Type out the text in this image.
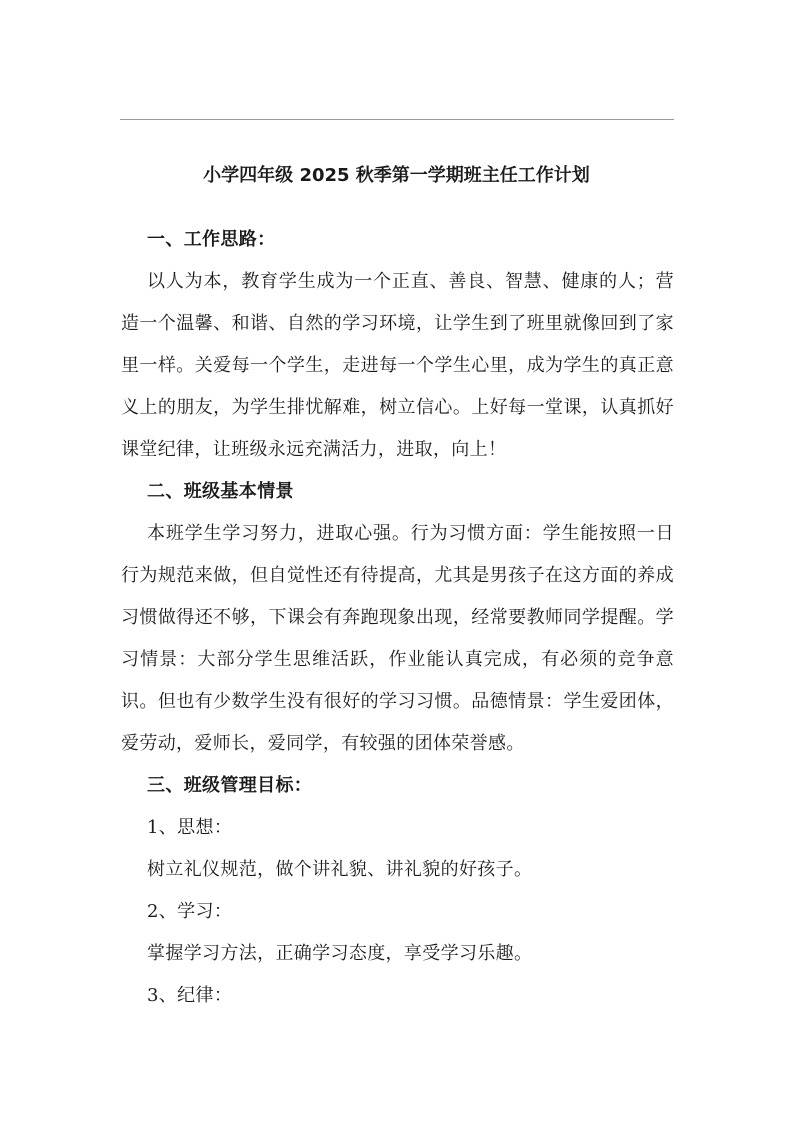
小学四年级 2025 秋季第一学期班主任工作计划

一、工作思路：

以人为本，教育学生成为一个正直、善良、智慧、健康的人；营造一个温馨、和谐、自然的学习环境，让学生到了班里就像回到了家里一样。关爱每一个学生，走进每一个学生心里，成为学生的真正意义上的朋友，为学生排忧解难，树立信心。上好每一堂课，认真抓好课堂纪律，让班级永远充满活力，进取，向上！

二、班级基本情景

本班学生学习努力，进取心强。行为习惯方面：学生能按照一日行为规范来做，但自觉性还有待提高，尤其是男孩子在这方面的养成习惯做得还不够，下课会有奔跑现象出现，经常要教师同学提醒。学习情景：大部分学生思维活跃，作业能认真完成，有必须的竞争意识。但也有少数学生没有很好的学习习惯。品德情景：学生爱团体，爱劳动，爱师长，爱同学，有较强的团体荣誉感。

三、班级管理目标：

1、思想：

树立礼仪规范，做个讲礼貌、讲礼貌的好孩子。

2、学习：

掌握学习方法，正确学习态度，享受学习乐趣。

3、纪律：
